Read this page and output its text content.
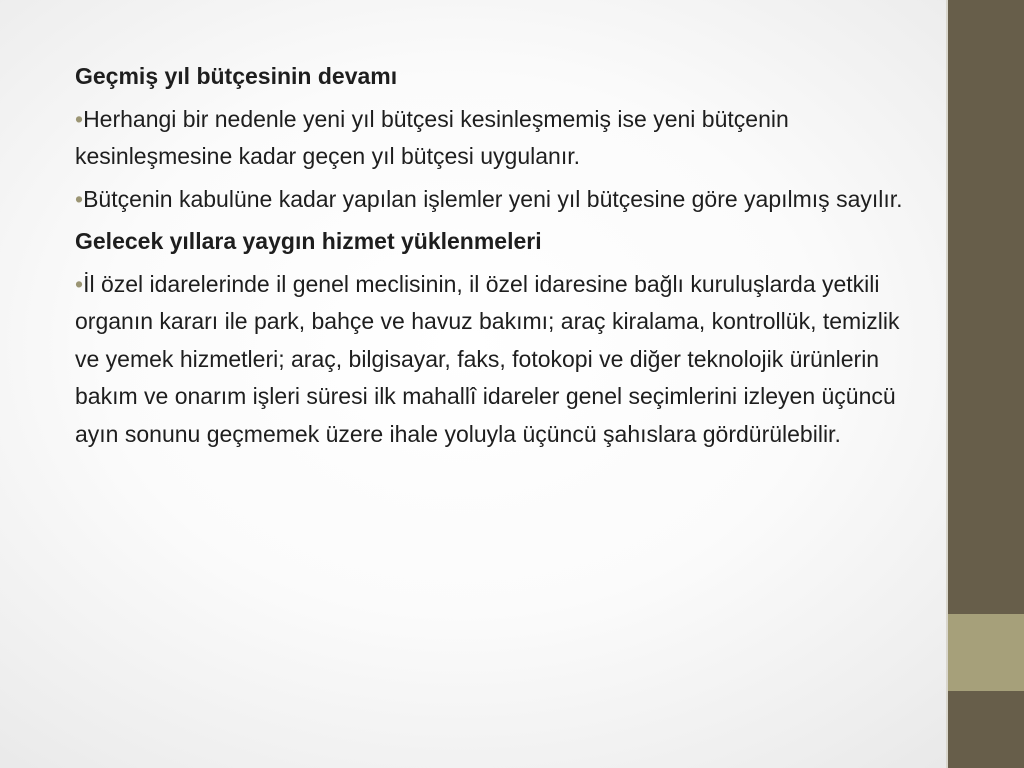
Geçmiş yıl bütçesinin devamı

•Herhangi bir nedenle yeni yıl bütçesi kesinleşmemiş ise yeni bütçenin kesinleşmesine kadar geçen yıl bütçesi uygulanır.

•Bütçenin kabulüne kadar yapılan işlemler yeni yıl bütçesine göre yapılmış sayılır.

Gelecek yıllara yaygın hizmet yüklenmeleri

•İl özel idarelerinde il genel meclisinin, il özel idaresine bağlı kuruluşlarda yetkili organın kararı ile park, bahçe ve havuz bakımı; araç kiralama, kontrollük, temizlik ve yemek hizmetleri; araç, bilgisayar, faks, fotokopi ve diğer teknolojik ürünlerin bakım ve onarım işleri süresi ilk mahallî idareler genel seçimlerini izleyen üçüncü ayın sonunu geçmemek üzere ihale yoluyla üçüncü şahıslara gördürülebilir.
